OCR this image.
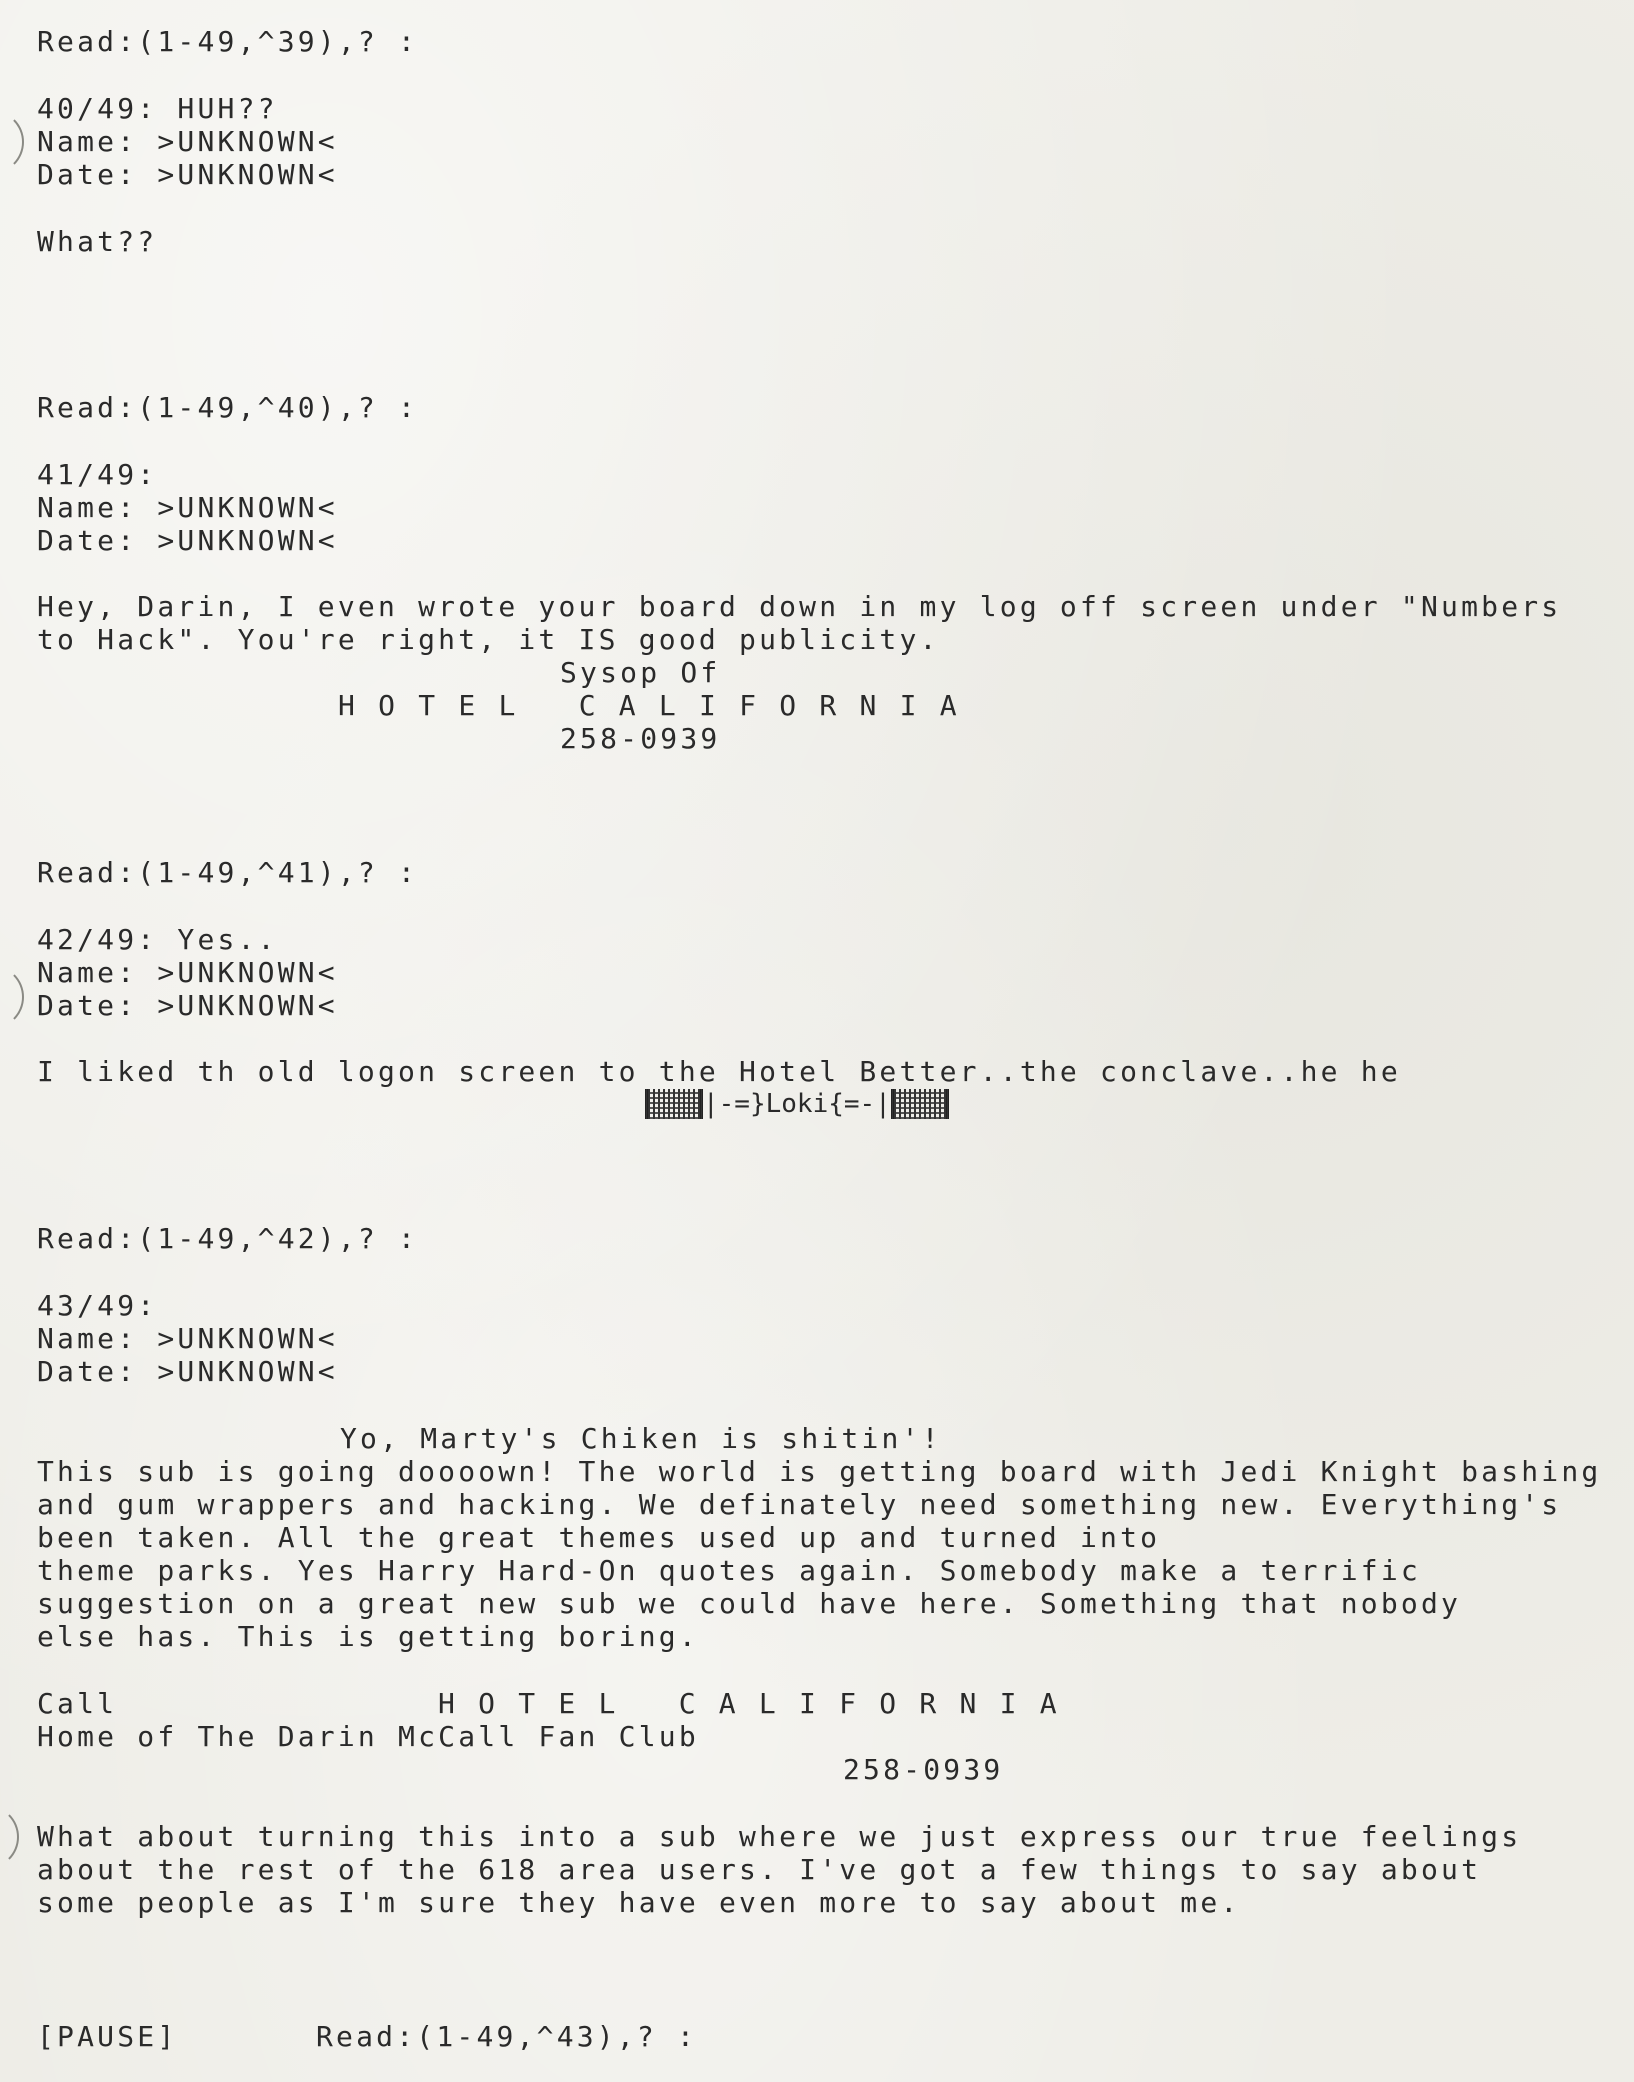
Read:(1-49,^39),? :
40/49: HUH??
Name: >UNKNOWN<
Date: >UNKNOWN<
What??
Read:(1-49,^40),? :
41/49:
Name: >UNKNOWN<
Date: >UNKNOWN<
Hey, Darin, I even wrote your board down in my log off screen under "Numbers
to Hack". You're right, it IS good publicity.
Sysop Of
H O T E L   C A L I F O R N I A
258-0939
Read:(1-49,^41),? :
42/49: Yes..
Name: >UNKNOWN<
Date: >UNKNOWN<
I liked th old logon screen to the Hotel Better..the conclave..he he
|-=}Loki{=-|
Read:(1-49,^42),? :
43/49:
Name: >UNKNOWN<
Date: >UNKNOWN<
Yo, Marty's Chiken is shitin'!
This sub is going doooown! The world is getting board with Jedi Knight bashing
and gum wrappers and hacking. We definately need something new. Everything's
been taken. All the great themes used up and turned into
theme parks. Yes Harry Hard-On quotes again. Somebody make a terrific
suggestion on a great new sub we could have here. Something that nobody
else has. This is getting boring.
Call	H O T E L   C A L I F O R N I A
Home of The Darin McCall Fan Club
258-0939
What about turning this into a sub where we just express our true feelings
about the rest of the 618 area users. I've got a few things to say about
some people as I'm sure they have even more to say about me.
[PAUSE]	Read:(1-49,^43),? :
